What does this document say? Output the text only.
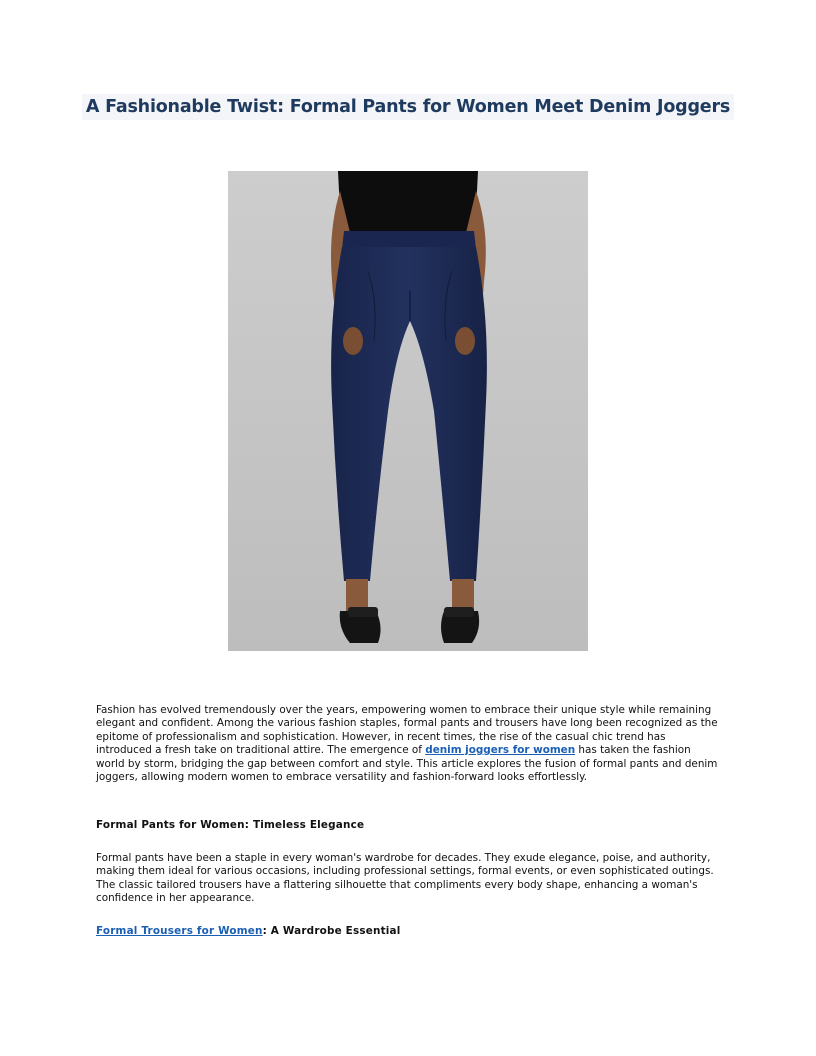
A Fashionable Twist: Formal Pants for Women Meet Denim Joggers
Fashion has evolved tremendously over the years, empowering women to embrace their unique style while remaining elegant and confident. Among the various fashion staples, formal pants and trousers have long been recognized as the epitome of professionalism and sophistication. However, in recent times, the rise of the casual chic trend has introduced a fresh take on traditional attire. The emergence of denim joggers for women has taken the fashion world by storm, bridging the gap between comfort and style. This article explores the fusion of formal pants and denim joggers, allowing modern women to embrace versatility and fashion-forward looks effortlessly.
Formal Pants for Women: Timeless Elegance
Formal pants have been a staple in every woman's wardrobe for decades. They exude elegance, poise, and authority, making them ideal for various occasions, including professional settings, formal events, or even sophisticated outings. The classic tailored trousers have a flattering silhouette that compliments every body shape, enhancing a woman's confidence in her appearance.
Formal Trousers for Women: A Wardrobe Essential
